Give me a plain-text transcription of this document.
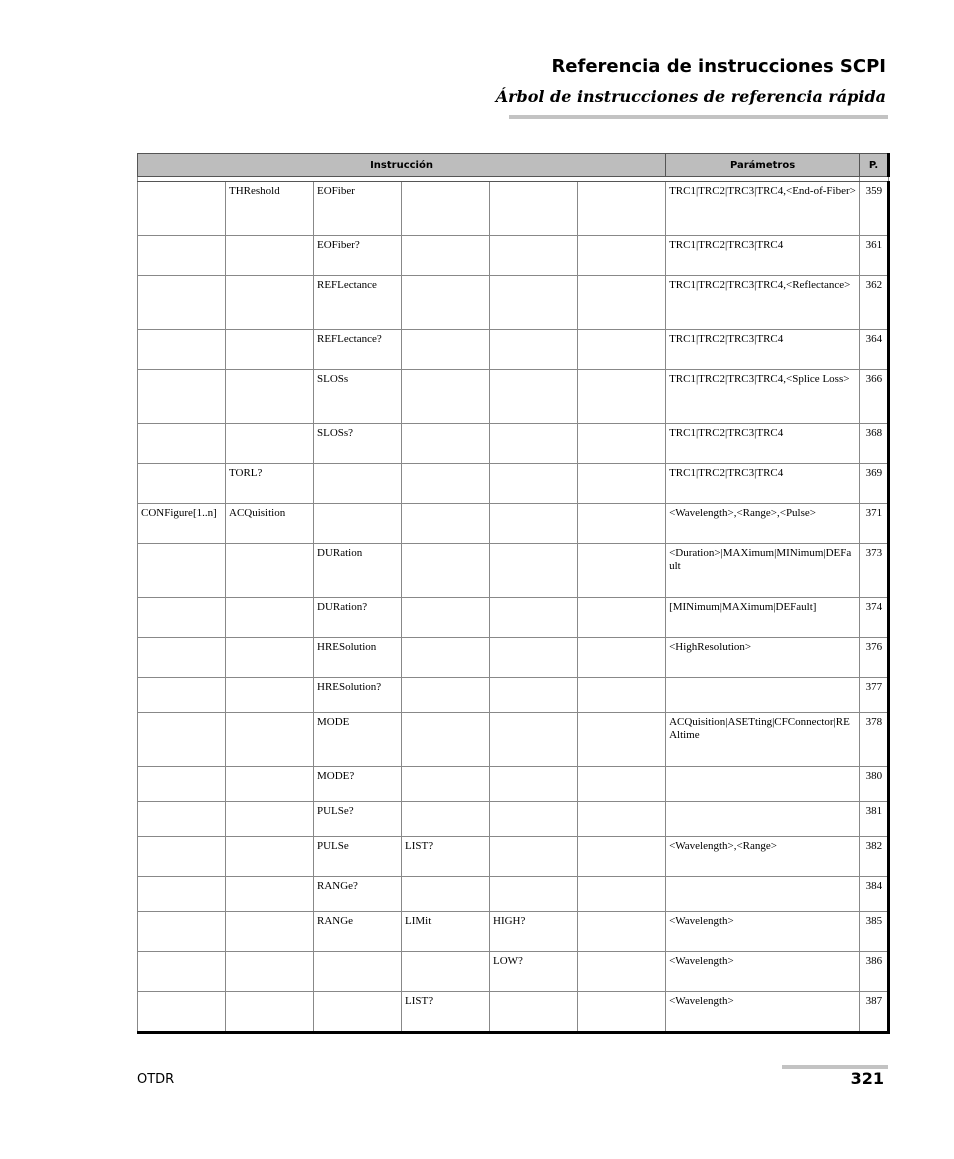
Referencia de instrucciones SCPI
Árbol de instrucciones de referencia rápida
Instrucción						Parámetros	P.

	THReshold	EOFiber				TRC1|TRC2|TRC3|TRC4,<End-of-Fiber>	359
		EOFiber?				TRC1|TRC2|TRC3|TRC4	361
		REFLectance				TRC1|TRC2|TRC3|TRC4,<Reflectance>	362
		REFLectance?				TRC1|TRC2|TRC3|TRC4	364
		SLOSs				TRC1|TRC2|TRC3|TRC4,<Splice Loss>	366
		SLOSs?				TRC1|TRC2|TRC3|TRC4	368
	TORL?					TRC1|TRC2|TRC3|TRC4	369
CONFigure[1..n]	ACQuisition					<Wavelength>,<Range>,<Pulse>	371
		DURation				<Duration>|MAXimum|MINimum|DEFault	373
		DURation?				[MINimum|MAXimum|DEFault]	374
		HRESolution				<HighResolution>	376
		HRESolution?					377
		MODE				ACQuisition|ASETting|CFConnector|REAltime	378
		MODE?					380
		PULSe?					381
		PULSe	LIST?			<Wavelength>,<Range>	382
		RANGe?					384
		RANGe	LIMit	HIGH?		<Wavelength>	385
				LOW?		<Wavelength>	386
			LIST?			<Wavelength>	387

OTDR	321
